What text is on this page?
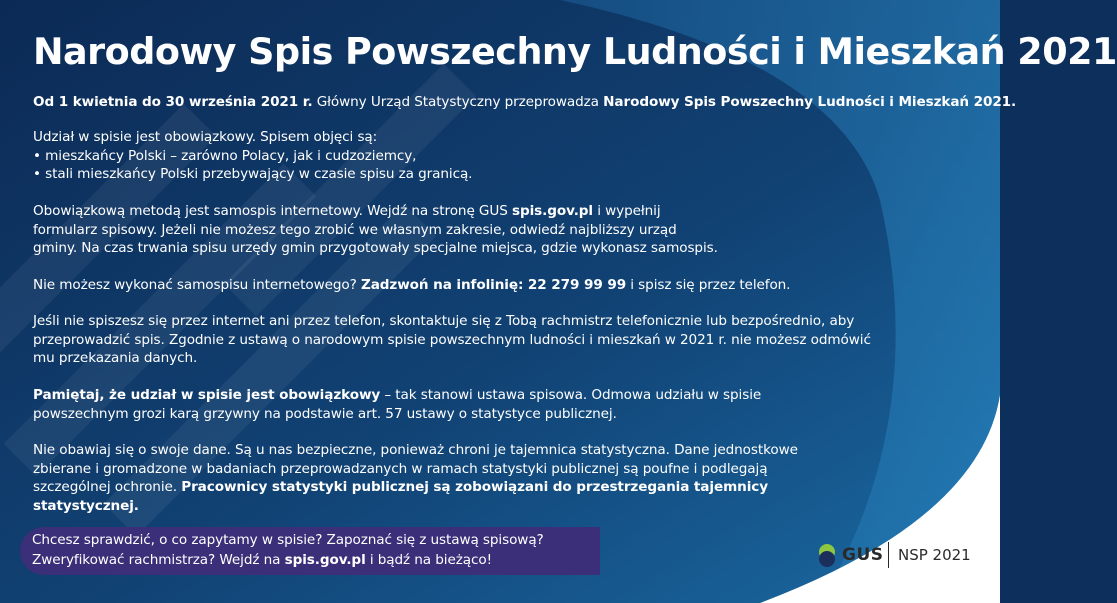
Narodowy Spis Powszechny Ludności i Mieszkań 2021

Od 1 kwietnia do 30 września 2021 r. Główny Urząd Statystyczny przeprowadza Narodowy Spis Powszechny Ludności i Mieszkań 2021.

Udział w spisie jest obowiązkowy. Spisem objęci są:
• mieszkańcy Polski – zarówno Polacy, jak i cudzoziemcy,
• stali mieszkańcy Polski przebywający w czasie spisu za granicą.

Obowiązkową metodą jest samospis internetowy. Wejdź na stronę GUS spis.gov.pl i wypełnij
formularz spisowy. Jeżeli nie możesz tego zrobić we własnym zakresie, odwiedź najbliższy urząd
gminy. Na czas trwania spisu urzędy gmin przygotowały specjalne miejsca, gdzie wykonasz samospis.

Nie możesz wykonać samospisu internetowego? Zadzwoń na infolinię: 22 279 99 99 i spisz się przez telefon.

Jeśli nie spiszesz się przez internet ani przez telefon, skontaktuje się z Tobą rachmistrz telefonicznie lub bezpośrednio, aby
przeprowadzić spis. Zgodnie z ustawą o narodowym spisie powszechnym ludności i mieszkań w 2021 r. nie możesz odmówić
mu przekazania danych.

Pamiętaj, że udział w spisie jest obowiązkowy – tak stanowi ustawa spisowa. Odmowa udziału w spisie
powszechnym grozi karą grzywny na podstawie art. 57 ustawy o statystyce publicznej.

Nie obawiaj się o swoje dane. Są u nas bezpieczne, ponieważ chroni je tajemnica statystyczna. Dane jednostkowe
zbierane i gromadzone w badaniach przeprowadzanych w ramach statystyki publicznej są poufne i podlegają
szczególnej ochronie. Pracownicy statystyki publicznej są zobowiązani do przestrzegania tajemnicy
statystycznej.

Chcesz sprawdzić, o co zapytamy w spisie? Zapoznać się z ustawą spisową?
Zweryfikować rachmistrza? Wejdź na spis.gov.pl i bądź na bieżąco!	GUS NSP 2021
